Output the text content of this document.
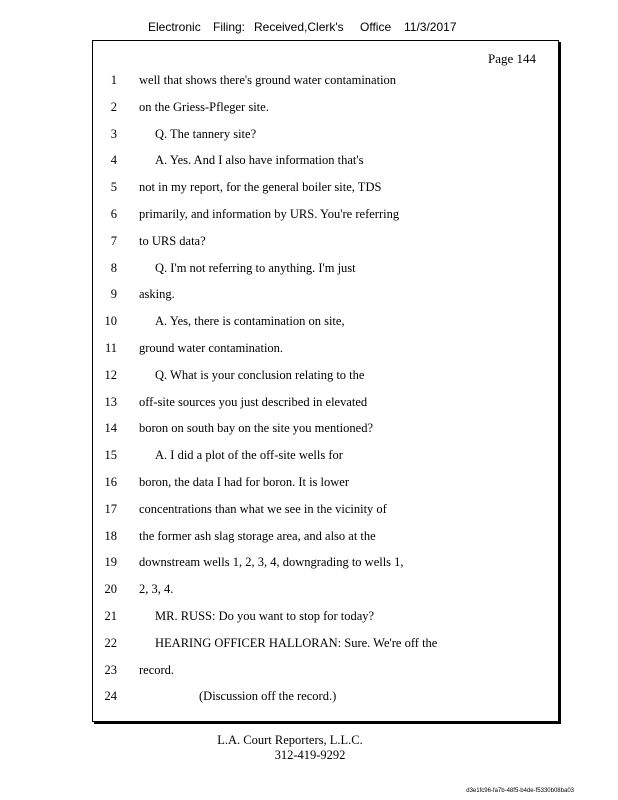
Electronic Filing: Received,Clerk's Office 11/3/2017
Page 144
1 well that shows there's ground water contamination
2 on the Griess-Pfleger site.
3	Q. The tannery site?
4	A. Yes. And I also have information that's
5 not in my report, for the general boiler site, TDS
6 primarily, and information by URS. You're referring
7 to URS data?
8	Q. I'm not referring to anything. I'm just
9 asking.
10	A. Yes, there is contamination on site,
11 ground water contamination.
12	Q. What is your conclusion relating to the
13 off-site sources you just described in elevated
14 boron on south bay on the site you mentioned?
15	A. I did a plot of the off-site wells for
16 boron, the data I had for boron. It is lower
17 concentrations than what we see in the vicinity of
18 the former ash slag storage area, and also at the
19 downstream wells 1, 2, 3, 4, downgrading to wells 1,
20 2, 3, 4.
21	MR. RUSS: Do you want to stop for today?
22	HEARING OFFICER HALLORAN: Sure. We're off the
23 record.
24	(Discussion off the record.)
L.A. Court Reporters, L.L.C.
312-419-9292
d3e1fc96-fa7b-48f5-b4de-f5330b08ba03
